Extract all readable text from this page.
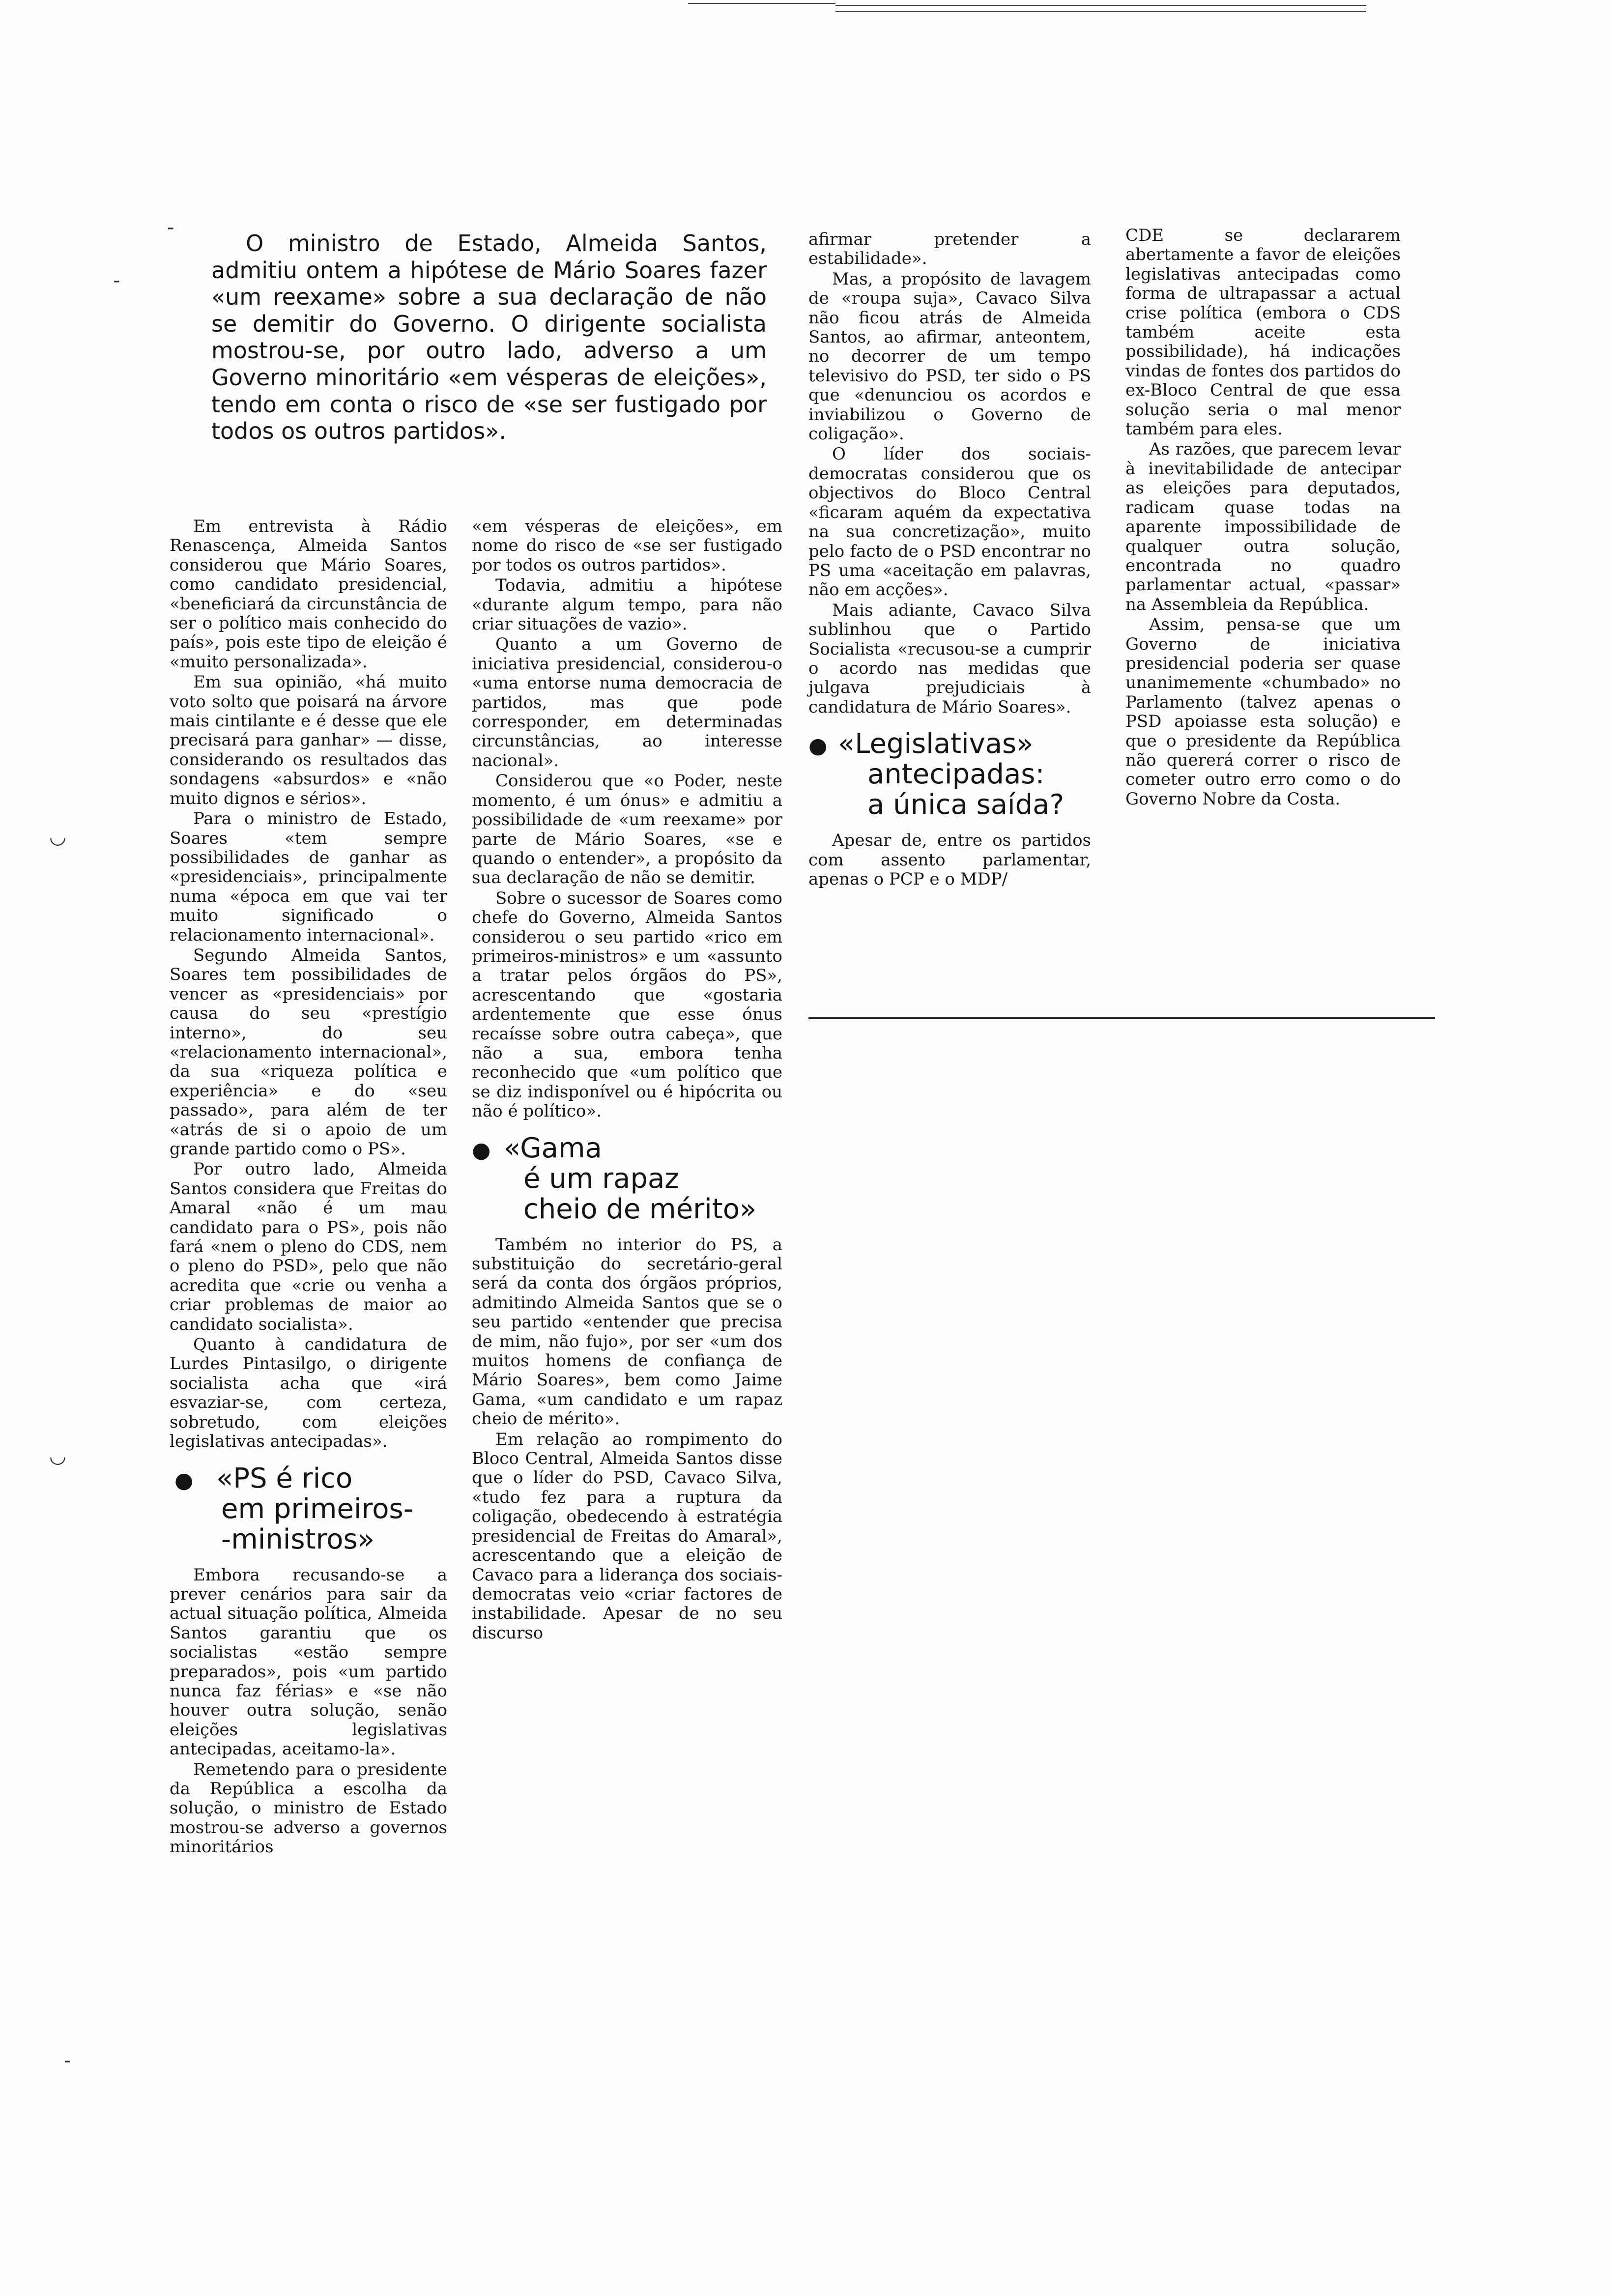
-
-
◡
◡
-
O ministro de Estado, Almeida Santos, admitiu ontem a hipótese de Mário Soares fazer «um reexame» sobre a sua declaração de não se demitir do Governo. O dirigente socialista mostrou-se, por outro lado, adverso a um Governo minoritário «em vésperas de eleições», tendo em conta o risco de «se ser fustigado por todos os outros partidos».

Em entrevista à Rádio Renascença, Almeida Santos considerou que Mário Soares, como candidato presidencial, «beneficiará da circunstância de ser o político mais conhecido do país», pois este tipo de eleição é «muito personalizada».

Em sua opinião, «há muito voto solto que poisará na árvore mais cintilante e é desse que ele precisará para ganhar» — disse, considerando os resultados das sondagens «absurdos» e «não muito dignos e sérios».

Para o ministro de Estado, Soares «tem sempre possibilidades de ganhar as «presidenciais», principalmente numa «época em que vai ter muito significado o relacionamento internacional».

Segundo Almeida Santos, Soares tem possibilidades de vencer as «presidenciais» por causa do seu «prestígio interno», do seu «relacionamento internacional», da sua «riqueza política e experiência» e do «seu passado», para além de ter «atrás de si o apoio de um grande partido como o PS».

Por outro lado, Almeida Santos considera que Freitas do Amaral «não é um mau candidato para o PS», pois não fará «nem o pleno do CDS, nem o pleno do PSD», pelo que não acredita que «crie ou venha a criar problemas de maior ao candidato socialista».

Quanto à candidatura de Lurdes Pintasilgo, o dirigente socialista acha que «irá esvaziar-se, com certeza, sobretudo, com eleições legislativas antecipadas».

● «PS é rico
em primeiros-
-ministros»

Embora recusando-se a prever cenários para sair da actual situação política, Almeida Santos garantiu que os socialistas «estão sempre preparados», pois «um partido nunca faz férias» e «se não houver outra solução, senão eleições legislativas antecipadas, aceitamo-la».

Remetendo para o presidente da República a escolha da solução, o ministro de Estado mostrou-se adverso a governos minoritários

«em vésperas de eleições», em nome do risco de «se ser fustigado por todos os outros partidos».

Todavia, admitiu a hipótese «durante algum tempo, para não criar situações de vazio».

Quanto a um Governo de iniciativa presidencial, considerou-o «uma entorse numa democracia de partidos, mas que pode corresponder, em determinadas circunstâncias, ao interesse nacional».

Considerou que «o Poder, neste momento, é um ónus» e admitiu a possibilidade de «um reexame» por parte de Mário Soares, «se e quando o entender», a propósito da sua declaração de não se demitir.

Sobre o sucessor de Soares como chefe do Governo, Almeida Santos considerou o seu partido «rico em primeiros-ministros» e um «assunto a tratar pelos órgãos do PS», acrescentando que «gostaria ardentemente que esse ónus recaísse sobre outra cabeça», que não a sua, embora tenha reconhecido que «um político que se diz indisponível ou é hipócrita ou não é político».

● «Gama
é um rapaz
cheio de mérito»

Também no interior do PS, a substituição do secretário-geral será da conta dos órgãos próprios, admitindo Almeida Santos que se o seu partido «entender que precisa de mim, não fujo», por ser «um dos muitos homens de confiança de Mário Soares», bem como Jaime Gama, «um candidato e um rapaz cheio de mérito».

Em relação ao rompimento do Bloco Central, Almeida Santos disse que o líder do PSD, Cavaco Silva, «tudo fez para a ruptura da coligação, obedecendo à estratégia presidencial de Freitas do Amaral», acrescentando que a eleição de Cavaco para a liderança dos sociais-democratas veio «criar factores de instabilidade. Apesar de no seu discurso

afirmar pretender a estabilidade».

Mas, a propósito de lavagem de «roupa suja», Cavaco Silva não ficou atrás de Almeida Santos, ao afirmar, anteontem, no decorrer de um tempo televisivo do PSD, ter sido o PS que «denunciou os acordos e inviabilizou o Governo de coligação».

O líder dos sociais-democratas considerou que os objectivos do Bloco Central «ficaram aquém da expectativa na sua concretização», muito pelo facto de o PSD encontrar no PS uma «aceitação em palavras, não em acções».

Mais adiante, Cavaco Silva sublinhou que o Partido Socialista «recusou-se a cumprir o acordo nas medidas que julgava prejudiciais à candidatura de Mário Soares».

● «Legislativas»
antecipadas:
a única saída?

Apesar de, entre os partidos com assento parlamentar, apenas o PCP e o MDP/

CDE se declararem abertamente a favor de eleições legislativas antecipadas como forma de ultrapassar a actual crise política (embora o CDS também aceite esta possibilidade), há indicações vindas de fontes dos partidos do ex-Bloco Central de que essa solução seria o mal menor também para eles.

As razões, que parecem levar à inevitabilidade de antecipar as eleições para deputados, radicam quase todas na aparente impossibilidade de qualquer outra solução, encontrada no quadro parlamentar actual, «passar» na Assembleia da República.

Assim, pensa-se que um Governo de iniciativa presidencial poderia ser quase unanimemente «chumbado» no Parlamento (talvez apenas o PSD apoiasse esta solução) e que o presidente da República não quererá correr o risco de cometer outro erro como o do Governo Nobre da Costa.
